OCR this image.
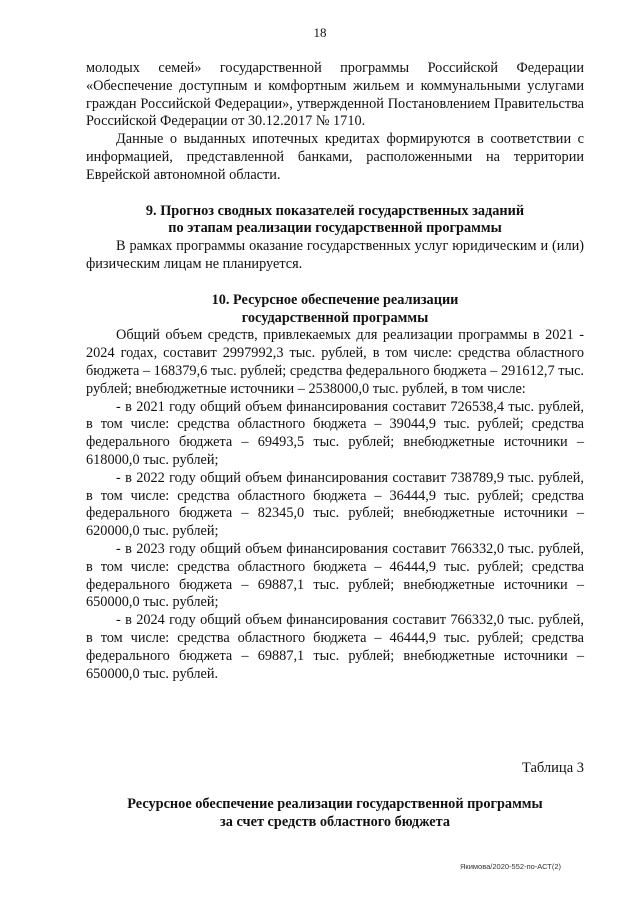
18

молодых семей» государственной программы Российской Федерации «Обеспечение доступным и комфортным жильем и коммунальными услугами граждан Российской Федерации», утвержденной Постановлением Правительства Российской Федерации от 30.12.2017 № 1710.

Данные о выданных ипотечных кредитах формируются в соответствии с информацией, представленной банками, расположенными на территории Еврейской автономной области.

9. Прогноз сводных показателей государственных заданий
по этапам реализации государственной программы

В рамках программы оказание государственных услуг юридическим и (или) физическим лицам не планируется.

10. Ресурсное обеспечение реализации
государственной программы

Общий объем средств, привлекаемых для реализации программы в 2021 - 2024 годах, составит 2997992,3 тыс. рублей, в том числе: средства областного бюджета – 168379,6 тыс. рублей; средства федерального бюджета – 291612,7 тыс. рублей; внебюджетные источники – 2538000,0 тыс. рублей, в том числе:

- в 2021 году общий объем финансирования составит 726538,4 тыс. рублей, в том числе: средства областного бюджета – 39044,9 тыс. рублей; средства федерального бюджета – 69493,5 тыс. рублей; внебюджетные источники – 618000,0 тыс. рублей;

- в 2022 году общий объем финансирования составит 738789,9 тыс. рублей, в том числе: средства областного бюджета – 36444,9 тыс. рублей; средства федерального бюджета – 82345,0 тыс. рублей; внебюджетные источники – 620000,0 тыс. рублей;

- в 2023 году общий объем финансирования составит 766332,0 тыс. рублей, в том числе: средства областного бюджета – 46444,9 тыс. рублей; средства федерального бюджета – 69887,1 тыс. рублей; внебюджетные источники – 650000,0 тыс. рублей;

- в 2024 году общий объем финансирования составит 766332,0 тыс. рублей, в том числе: средства областного бюджета – 46444,9 тыс. рублей; средства федерального бюджета – 69887,1 тыс. рублей; внебюджетные источники – 650000,0 тыс. рублей.

Таблица 3
Ресурсное обеспечение реализации государственной программы
за счет средств областного бюджета
Якимова/2020-552-по-АСТ(2)
